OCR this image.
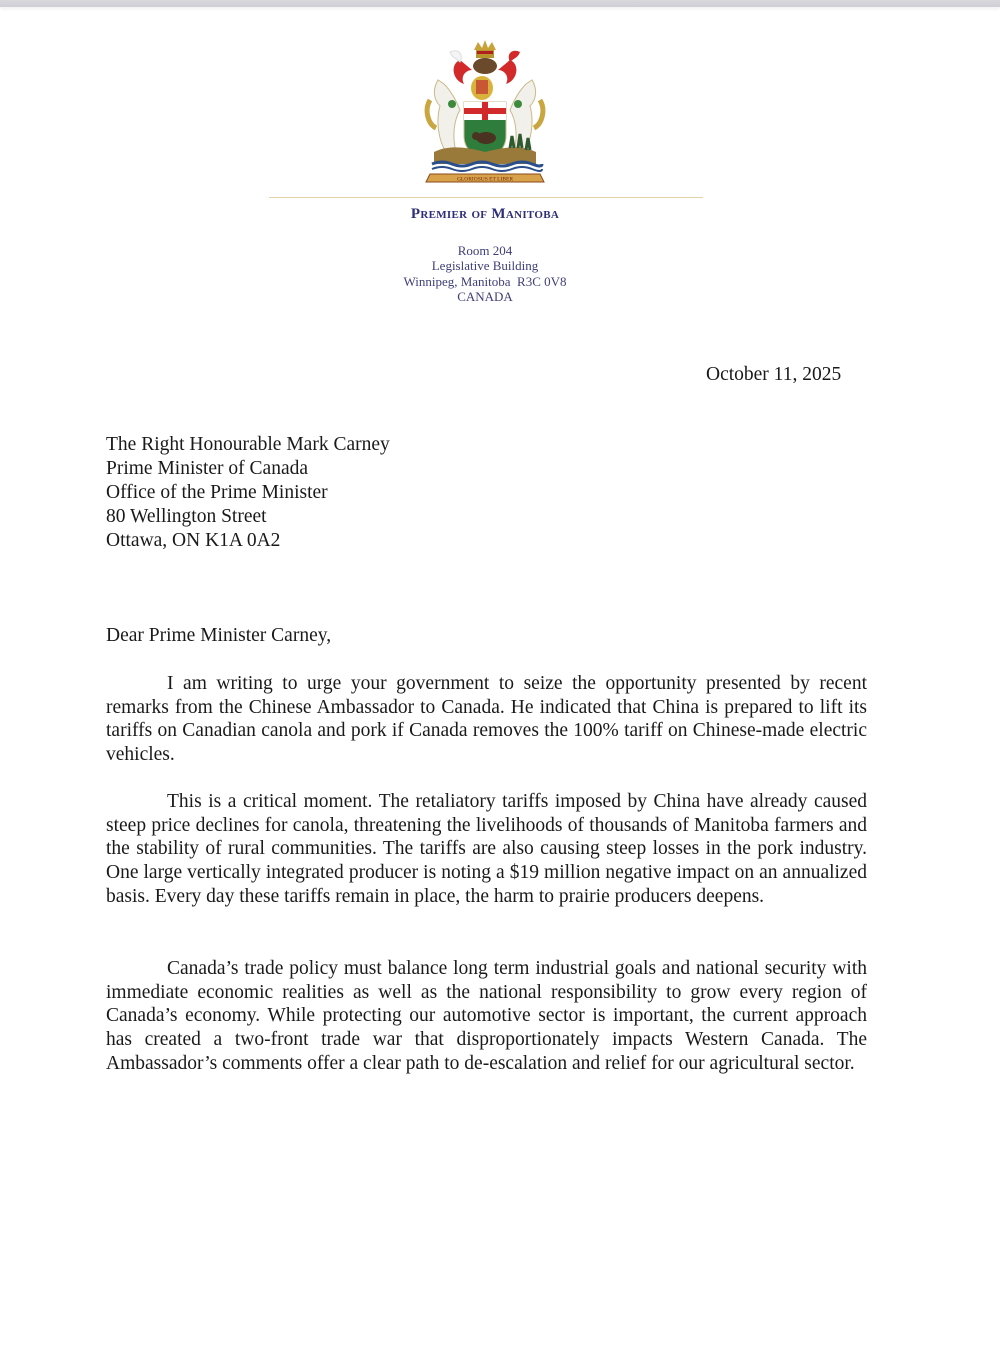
GLORIOSUS ET LIBER
Premier of Manitoba
Room 204
Legislative Building
Winnipeg, Manitoba  R3C 0V8
CANADA
October 11, 2025
The Right Honourable Mark Carney
Prime Minister of Canada
Office of the Prime Minister
80 Wellington Street
Ottawa, ON K1A 0A2
Dear Prime Minister Carney,

I am writing to urge your government to seize the opportunity presented by recent remarks from the Chinese Ambassador to Canada. He indicated that China is prepared to lift its tariffs on Canadian canola and pork if Canada removes the 100% tariff on Chinese-made electric vehicles.

This is a critical moment. The retaliatory tariffs imposed by China have already caused steep price declines for canola, threatening the livelihoods of thousands of Manitoba farmers and the stability of rural communities. The tariffs are also causing steep losses in the pork industry. One large vertically integrated producer is noting a $19 million negative impact on an annualized basis. Every day these tariffs remain in place, the harm to prairie producers deepens.

Canada’s trade policy must balance long term industrial goals and national security with immediate economic realities as well as the national responsibility to grow every region of Canada’s economy. While protecting our automotive sector is important, the current approach has created a two-front trade war that disproportionately impacts Western Canada. The Ambassador’s comments offer a clear path to de-escalation and relief for our agricultural sector.
